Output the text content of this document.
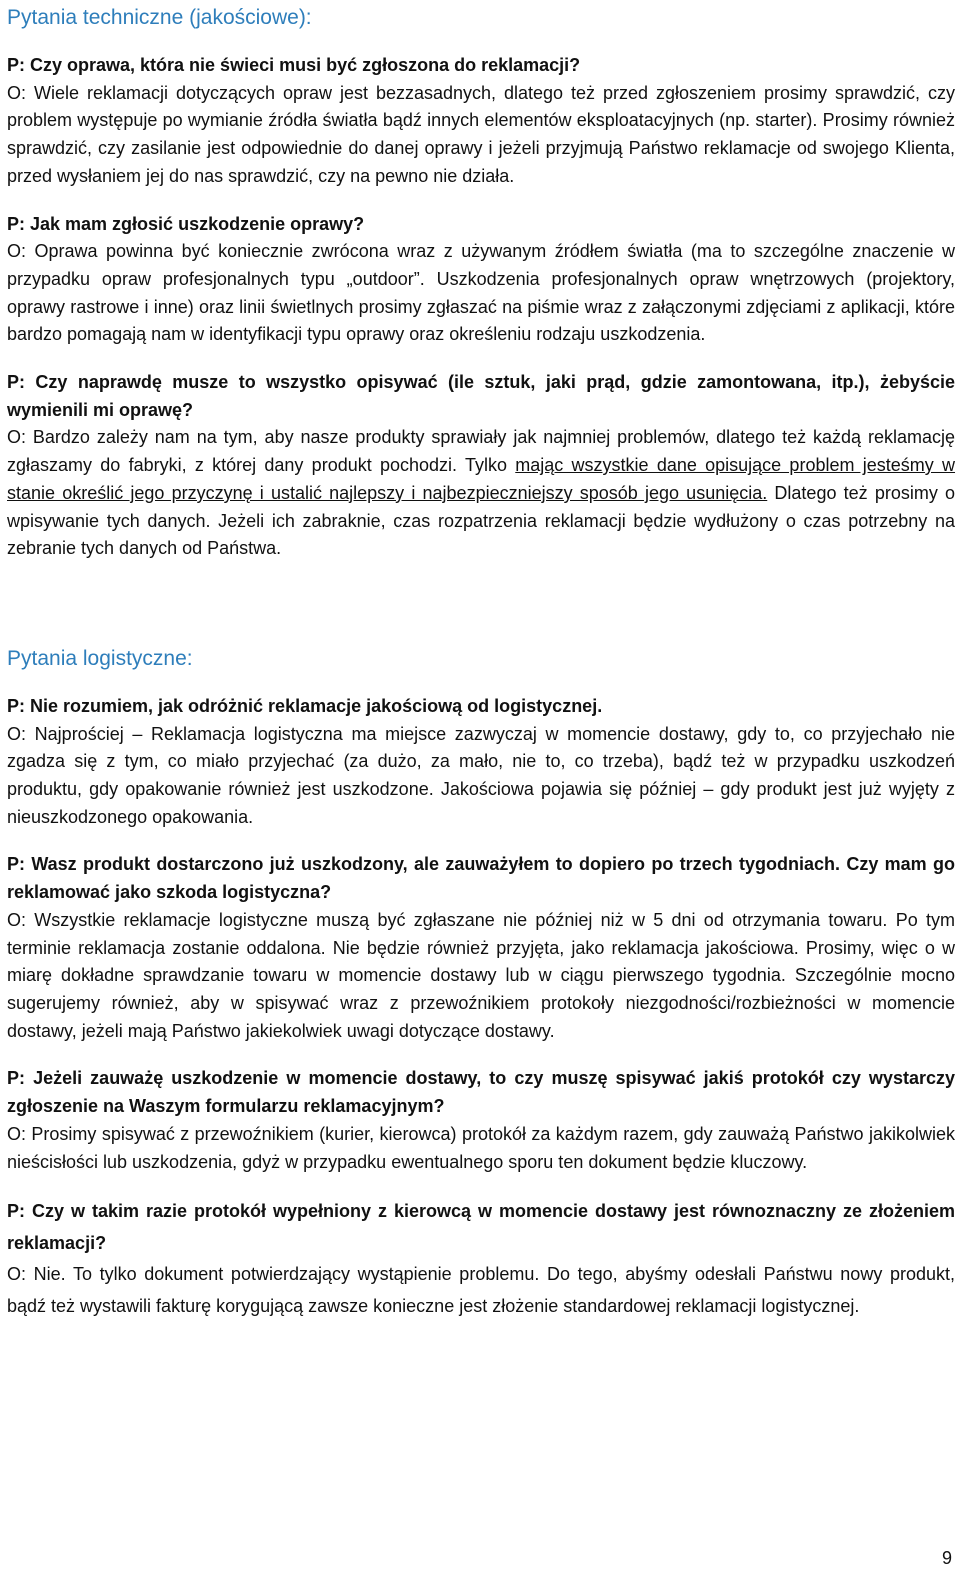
Pytania techniczne (jakościowe):

P: Czy oprawa, która nie świeci musi być zgłoszona do reklamacji?

O: Wiele reklamacji dotyczących opraw jest bezzasadnych, dlatego też przed zgłoszeniem prosimy sprawdzić, czy problem występuje po wymianie źródła światła bądź innych elementów eksploatacyjnych (np. starter). Prosimy również sprawdzić, czy zasilanie jest odpowiednie do danej oprawy i jeżeli przyjmują Państwo reklamacje od swojego Klienta, przed wysłaniem jej do nas sprawdzić, czy na pewno nie działa.

P: Jak mam zgłosić uszkodzenie oprawy?

O: Oprawa powinna być koniecznie zwrócona wraz z używanym źródłem światła (ma to szczególne znaczenie w przypadku opraw profesjonalnych typu „outdoor”. Uszkodzenia profesjonalnych opraw wnętrzowych (projektory, oprawy rastrowe i inne) oraz linii świetlnych prosimy zgłaszać na piśmie wraz z załączonymi zdjęciami z aplikacji, które bardzo pomagają nam w identyfikacji typu oprawy oraz określeniu rodzaju uszkodzenia.

P: Czy naprawdę musze to wszystko opisywać (ile sztuk, jaki prąd, gdzie zamontowana, itp.), żebyście wymienili mi oprawę?

O: Bardzo zależy nam na tym, aby nasze produkty sprawiały jak najmniej problemów, dlatego też każdą reklamację zgłaszamy do fabryki, z której dany produkt pochodzi. Tylko mając wszystkie dane opisujące problem jesteśmy w stanie określić jego przyczynę i ustalić najlepszy i najbezpieczniejszy sposób jego usunięcia. Dlatego też prosimy o wpisywanie tych danych. Jeżeli ich zabraknie, czas rozpatrzenia reklamacji będzie wydłużony o czas potrzebny na zebranie tych danych od Państwa.

Pytania logistyczne:

P: Nie rozumiem, jak odróżnić reklamacje jakościową od logistycznej.

O: Najprościej – Reklamacja logistyczna ma miejsce zazwyczaj w momencie dostawy, gdy to, co przyjechało nie zgadza się z tym, co miało przyjechać (za dużo, za mało, nie to, co trzeba), bądź też w przypadku uszkodzeń produktu, gdy opakowanie również jest uszkodzone. Jakościowa pojawia się później – gdy produkt jest już wyjęty z nieuszkodzonego opakowania.

P: Wasz produkt dostarczono już uszkodzony, ale zauważyłem to dopiero po trzech tygodniach. Czy mam go reklamować jako szkoda logistyczna?

O: Wszystkie reklamacje logistyczne muszą być zgłaszane nie później niż w 5 dni od otrzymania towaru. Po tym terminie reklamacja zostanie oddalona. Nie będzie również przyjęta, jako reklamacja jakościowa. Prosimy, więc o w miarę dokładne sprawdzanie towaru w momencie dostawy lub w ciągu pierwszego tygodnia. Szczególnie mocno sugerujemy również, aby w spisywać wraz z przewoźnikiem protokoły niezgodności/rozbieżności w momencie dostawy, jeżeli mają Państwo jakiekolwiek uwagi dotyczące dostawy.

P: Jeżeli zauważę uszkodzenie w momencie dostawy, to czy muszę spisywać jakiś protokół czy wystarczy zgłoszenie na Waszym formularzu reklamacyjnym?

O: Prosimy spisywać z przewoźnikiem (kurier, kierowca) protokół za każdym razem, gdy zauważą Państwo jakikolwiek nieścisłości lub uszkodzenia, gdyż w przypadku ewentualnego sporu ten dokument będzie kluczowy.

P: Czy w takim razie protokół wypełniony z kierowcą w momencie dostawy jest równoznaczny ze złożeniem reklamacji?

O: Nie. To tylko dokument potwierdzający wystąpienie problemu. Do tego, abyśmy odesłali Państwu nowy produkt, bądź też wystawili fakturę korygującą zawsze konieczne jest złożenie standardowej reklamacji logistycznej.

9
